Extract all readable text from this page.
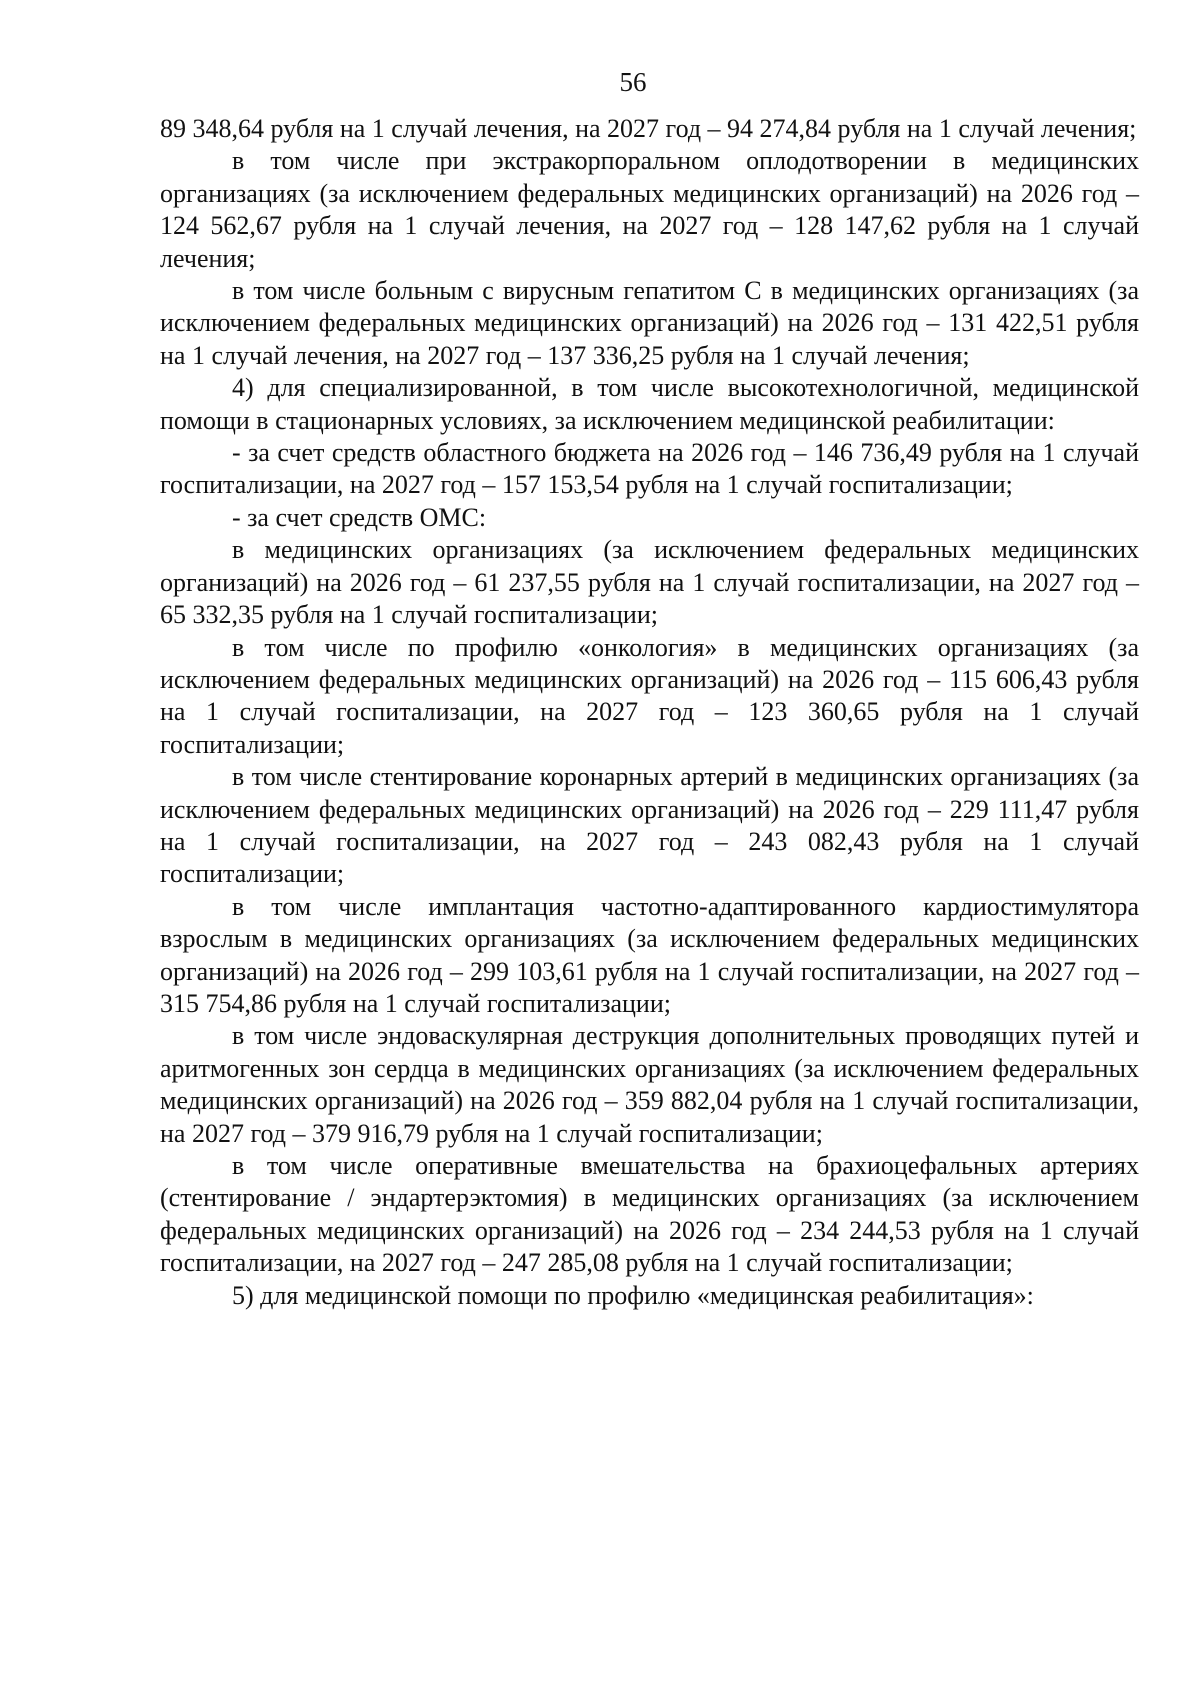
56

89 348,64 рубля на 1 случай лечения, на 2027 год – 94 274,84 рубля на 1 случай лечения;

в том числе при экстракорпоральном оплодотворении в медицинских организациях (за исключением федеральных медицинских организаций) на 2026 год – 124 562,67 рубля на 1 случай лечения, на 2027 год – 128 147,62 рубля на 1 случай лечения;

в том числе больным с вирусным гепатитом С в медицинских организациях (за исключением федеральных медицинских организаций) на 2026 год – 131 422,51 рубля на 1 случай лечения, на 2027 год – 137 336,25 рубля на 1 случай лечения;

4) для специализированной, в том числе высокотехнологичной, медицинской помощи в стационарных условиях, за исключением медицинской реабилитации:

- за счет средств областного бюджета на 2026 год – 146 736,49 рубля на 1 случай госпитализации, на 2027 год – 157 153,54 рубля на 1 случай госпитализации;

- за счет средств ОМС:

в медицинских организациях (за исключением федеральных медицинских организаций) на 2026 год – 61 237,55 рубля на 1 случай госпитализации, на 2027 год – 65 332,35 рубля на 1 случай госпитализации;

в том числе по профилю «онкология» в медицинских организациях (за исключением федеральных медицинских организаций) на 2026 год – 115 606,43 рубля на 1 случай госпитализации, на 2027 год – 123 360,65 рубля на 1 случай госпитализации;

в том числе стентирование коронарных артерий в медицинских организациях (за исключением федеральных медицинских организаций) на 2026 год – 229 111,47 рубля на 1 случай госпитализации, на 2027 год – 243 082,43 рубля на 1 случай госпитализации;

в том числе имплантация частотно-адаптированного кардиостимулятора взрослым в медицинских организациях (за исключением федеральных медицинских организаций) на 2026 год – 299 103,61 рубля на 1 случай госпитализации, на 2027 год – 315 754,86 рубля на 1 случай госпитализации;

в том числе эндоваскулярная деструкция дополнительных проводящих путей и аритмогенных зон сердца в медицинских организациях (за исключением федеральных медицинских организаций) на 2026 год – 359 882,04 рубля на 1 случай госпитализации, на 2027 год – 379 916,79 рубля на 1 случай госпитализации;

в том числе оперативные вмешательства на брахиоцефальных артериях (стентирование / эндартерэктомия) в медицинских организациях (за исключением федеральных медицинских организаций) на 2026 год – 234 244,53 рубля на 1 случай госпитализации, на 2027 год – 247 285,08 рубля на 1 случай госпитализации;

5) для медицинской помощи по профилю «медицинская реабилитация»:
